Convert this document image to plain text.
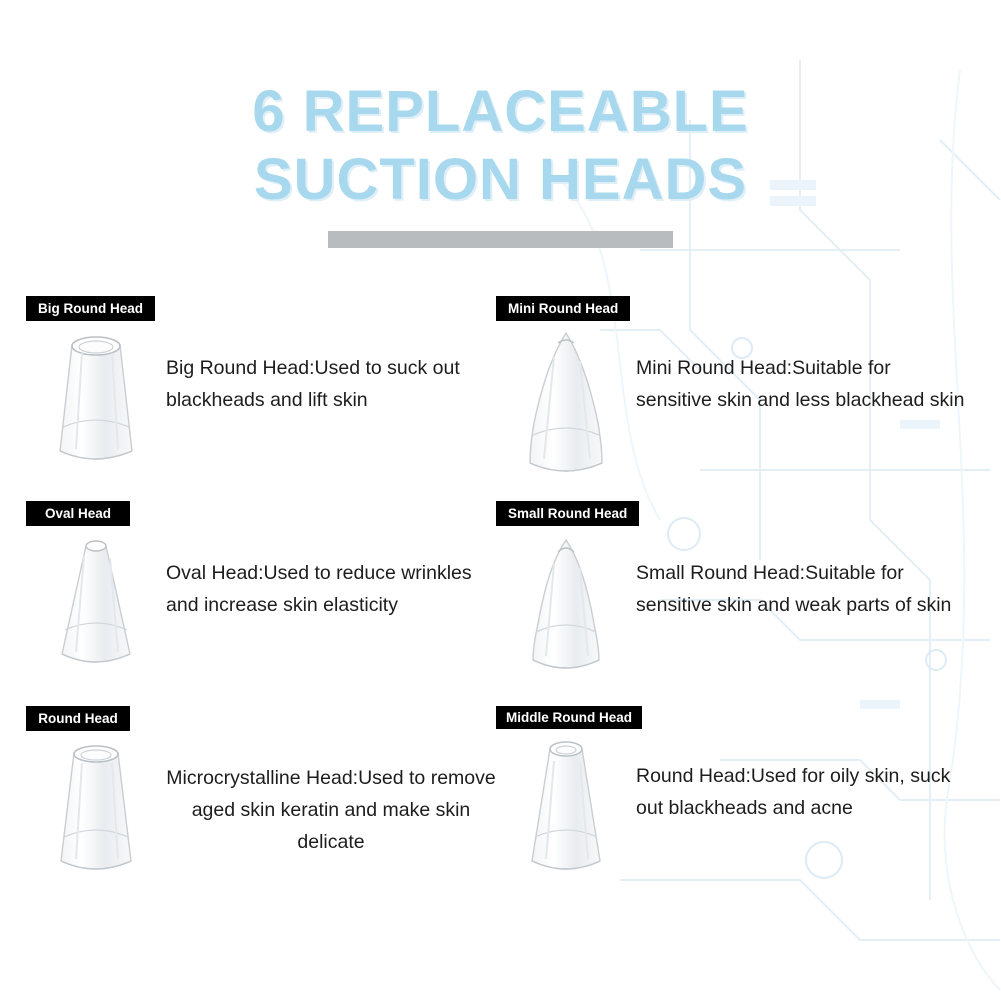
6 REPLACEABLE
SUCTION HEADS
Big Round Head
Big Round Head:Used to suck out blackheads and lift skin
Mini Round Head
Mini Round Head:Suitable for sensitive skin and less blackhead skin
Oval Head
Oval Head:Used to reduce wrinkles and increase skin elasticity
Small Round Head
Small Round Head:Suitable for sensitive skin and weak parts of skin
Round Head
Microcrystalline Head:Used to remove aged skin keratin and make skin delicate
Middle Round Head
Round Head:Used for oily skin, suck out blackheads and acne
